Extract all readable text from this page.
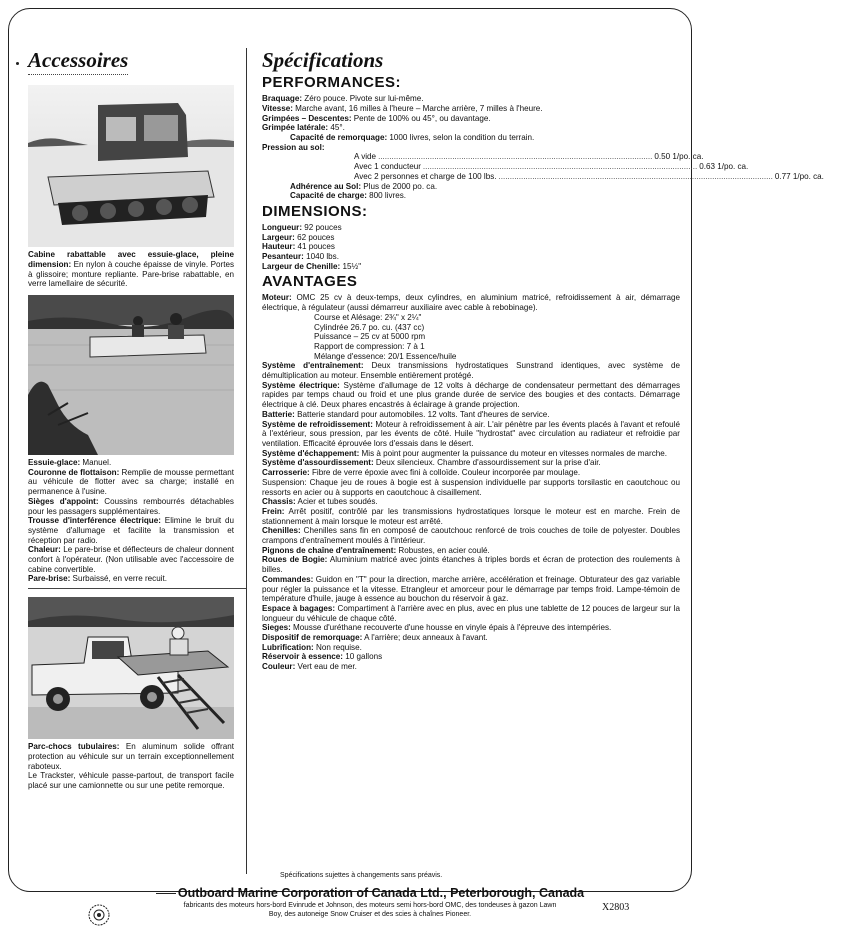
Accessoires

Cabine rabattable avec essuie-glace, pleine dimension: En nylon à couche épaisse de vinyle. Portes à glissoire; monture repliante. Pare-brise rabattable, en verre lamellaire de sécurité.

Essuie-glace: Manuel.

Couronne de flottaison: Remplie de mousse permettant au véhicule de flotter avec sa charge; installé en permanence à l'usine.

Sièges d'appoint: Coussins rembourrés détachables pour les passagers supplémentaires.

Trousse d'interférence électrique: Elimine le bruit du système d'allumage et facilite la transmission et réception par radio.

Chaleur: Le pare-brise et déflecteurs de chaleur donnent confort à l'opérateur. (Non utilisable avec l'accessoire de cabine convertible.

Pare-brise: Surbaissé, en verre recuit.

Parc-chocs tubulaires: En aluminum solide offrant protection au véhicule sur un terrain exceptionnellement raboteux.

Le Trackster, véhicule passe-partout, de transport facile placé sur une camionnette ou sur une petite remorque.

Spécifications
PERFORMANCES:

Braquage: Zéro pouce. Pivote sur lui-même.

Vitesse: Marche avant, 16 milles à l'heure – Marche arrière, 7 milles à l'heure.

Grimpées – Descentes: Pente de 100% ou 45°, ou davantage.

Grimpée latérale: 45°.

Capacité de remorquage: 1000 livres, selon la condition du terrain.

Pression au sol:

A vide .......................................................................................................................... 0.50 1/po. ca.
Avec 1 conducteur .......................................................................................................................... 0.63 1/po. ca.
Avec 2 personnes et charge de 100 lbs. .......................................................................................................................... 0.77 1/po. ca.

Adhérence au Sol: Plus de 2000 po. ca.

Capacité de charge: 800 livres.

DIMENSIONS:

Longueur: 92 pouces

Largeur: 62 pouces

Hauteur: 41 pouces

Pesanteur: 1040 lbs.

Largeur de Chenille: 15½"

AVANTAGES

Moteur: OMC 25 cv à deux-temps, deux cylindres, en aluminium matricé, refroidissement à air, démarrage électrique, à régulateur (aussi démarreur auxiliaire avec cable à rebobinage).

Course et Alésage: 2¾" x 2¼"

Cylindrée 26.7 po. cu. (437 cc)

Puissance – 25 cv at 5000 rpm

Rapport de compression: 7 à 1

Mélange d'essence: 20/1 Essence/huile

Système d'entraînement: Deux transmissions hydrostatiques Sunstrand identiques, avec système de démultiplication au moteur. Ensemble entièrement protégé.

Système électrique: Système d'allumage de 12 volts à décharge de condensateur permettant des démarrages rapides par temps chaud ou froid et une plus grande durée de service des bougies et des contacts. Démarrage électrique à clé. Deux phares encastrés à éclairage à grande projection.

Batterie: Batterie standard pour automobiles. 12 volts. Tant d'heures de service.

Système de refroidissement: Moteur à refroidissement à air. L'air pénètre par les évents placés à l'avant et refoulé à l'extérieur, sous pression, par les évents de côté. Huile "hydrostat" avec circulation au radiateur et refroidie par ventilation. Efficacité éprouvée lors d'essais dans le désert.

Système d'échappement: Mis à point pour augmenter la puissance du moteur en vitesses normales de marche.

Système d'assourdissement: Deux silencieux. Chambre d'assourdissement sur la prise d'air.

Carrosserie: Fibre de verre époxie avec fini à colloïde. Couleur incorporée par moulage.

Suspension: Chaque jeu de roues à bogie est à suspension individuelle par supports torsilastic en caoutchouc ou ressorts en acier ou à supports en caoutchouc à cisaillement.

Chassis: Acier et tubes soudés.

Frein: Arrêt positif, contrôlé par les transmissions hydrostatiques lorsque le moteur est en marche. Frein de stationnement à main lorsque le moteur est arrêté.

Chenilles: Chenilles sans fin en composé de caoutchouc renforcé de trois couches de toile de polyester. Doubles crampons d'entraînement moulés à l'intérieur.

Pignons de chaîne d'entraînement: Robustes, en acier coulé.

Roues de Bogie: Aluminium matricé avec joints étanches à triples bords et écran de protection des roulements à billes.

Commandes: Guidon en "T" pour la direction, marche arrière, accélération et freinage. Obturateur des gaz variable pour régler la puissance et la vitesse. Etrangleur et amorceur pour le démarrage par temps froid. Lampe-témoin de température d'huile, jauge à essence au bouchon du réservoir à gaz.

Espace à bagages: Compartiment à l'arrière avec en plus, avec en plus une tablette de 12 pouces de largeur sur la longueur du véhicule de chaque côté.

Sieges: Mousse d'uréthane recouverte d'une housse en vinyle épais à l'épreuve des intempéries.

Dispositif de remorquage: A l'arrière; deux anneaux à l'avant.

Lubrification: Non requise.

Réservoir à essence: 10 gallons

Couleur: Vert eau de mer.

Spécifications sujettes à changements sans préavis.
Outboard Marine Corporation of Canada Ltd., Peterborough, Canada
fabricants des moteurs hors-bord Evinrude et Johnson, des moteurs semi hors-bord OMC, des tondeuses à gazon Lawn
Boy, des autoneige Snow Cruiser et des scies à chaînes Pioneer.
X2803
